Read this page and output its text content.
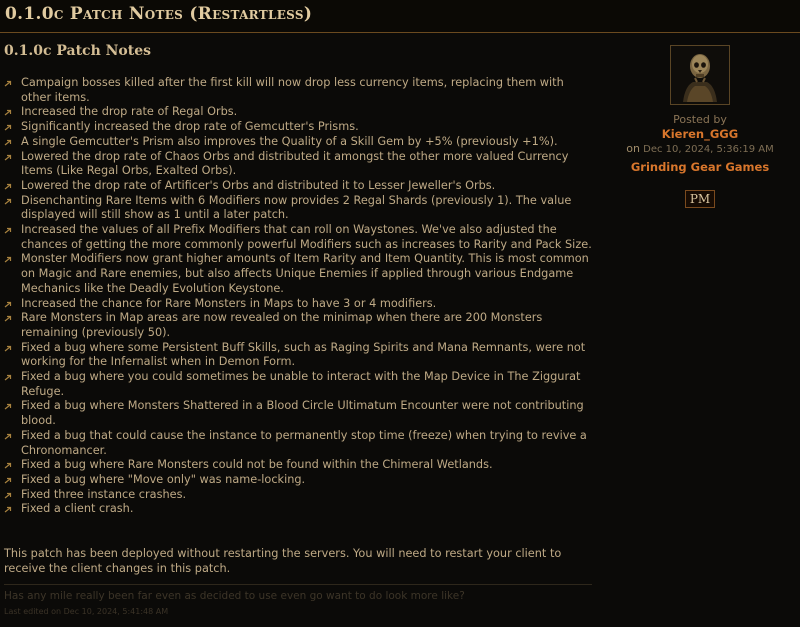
0.1.0c Patch Notes (Restartless)
0.1.0c Patch Notes
Campaign bosses killed after the first kill will now drop less currency items, replacing them with other items.
Increased the drop rate of Regal Orbs.
Significantly increased the drop rate of Gemcutter's Prisms.
A single Gemcutter's Prism also improves the Quality of a Skill Gem by +5% (previously +1%).
Lowered the drop rate of Chaos Orbs and distributed it amongst the other more valued Currency Items (Like Regal Orbs, Exalted Orbs).
Lowered the drop rate of Artificer's Orbs and distributed it to Lesser Jeweller's Orbs.
Disenchanting Rare Items with 6 Modifiers now provides 2 Regal Shards (previously 1). The value displayed will still show as 1 until a later patch.
Increased the values of all Prefix Modifiers that can roll on Waystones. We've also adjusted the chances of getting the more commonly powerful Modifiers such as increases to Rarity and Pack Size.
Monster Modifiers now grant higher amounts of Item Rarity and Item Quantity. This is most common on Magic and Rare enemies, but also affects Unique Enemies if applied through various Endgame Mechanics like the Deadly Evolution Keystone.
Increased the chance for Rare Monsters in Maps to have 3 or 4 modifiers.
Rare Monsters in Map areas are now revealed on the minimap when there are 200 Monsters remaining (previously 50).
Fixed a bug where some Persistent Buff Skills, such as Raging Spirits and Mana Remnants, were not working for the Infernalist when in Demon Form.
Fixed a bug where you could sometimes be unable to interact with the Map Device in The Ziggurat Refuge.
Fixed a bug where Monsters Shattered in a Blood Circle Ultimatum Encounter were not contributing blood.
Fixed a bug that could cause the instance to permanently stop time (freeze) when trying to revive a Chronomancer.
Fixed a bug where Rare Monsters could not be found within the Chimeral Wetlands.
Fixed a bug where "Move only" was name-locking.
Fixed three instance crashes.
Fixed a client crash.
This patch has been deployed without restarting the servers. You will need to restart your client to receive the client changes in this patch.
Has any mile really been far even as decided to use even go want to do look more like?
Last edited on Dec 10, 2024, 5:41:48 AM
Posted by
Kieren_GGG
on Dec 10, 2024, 5:36:19 AM
Grinding Gear Games
PM
